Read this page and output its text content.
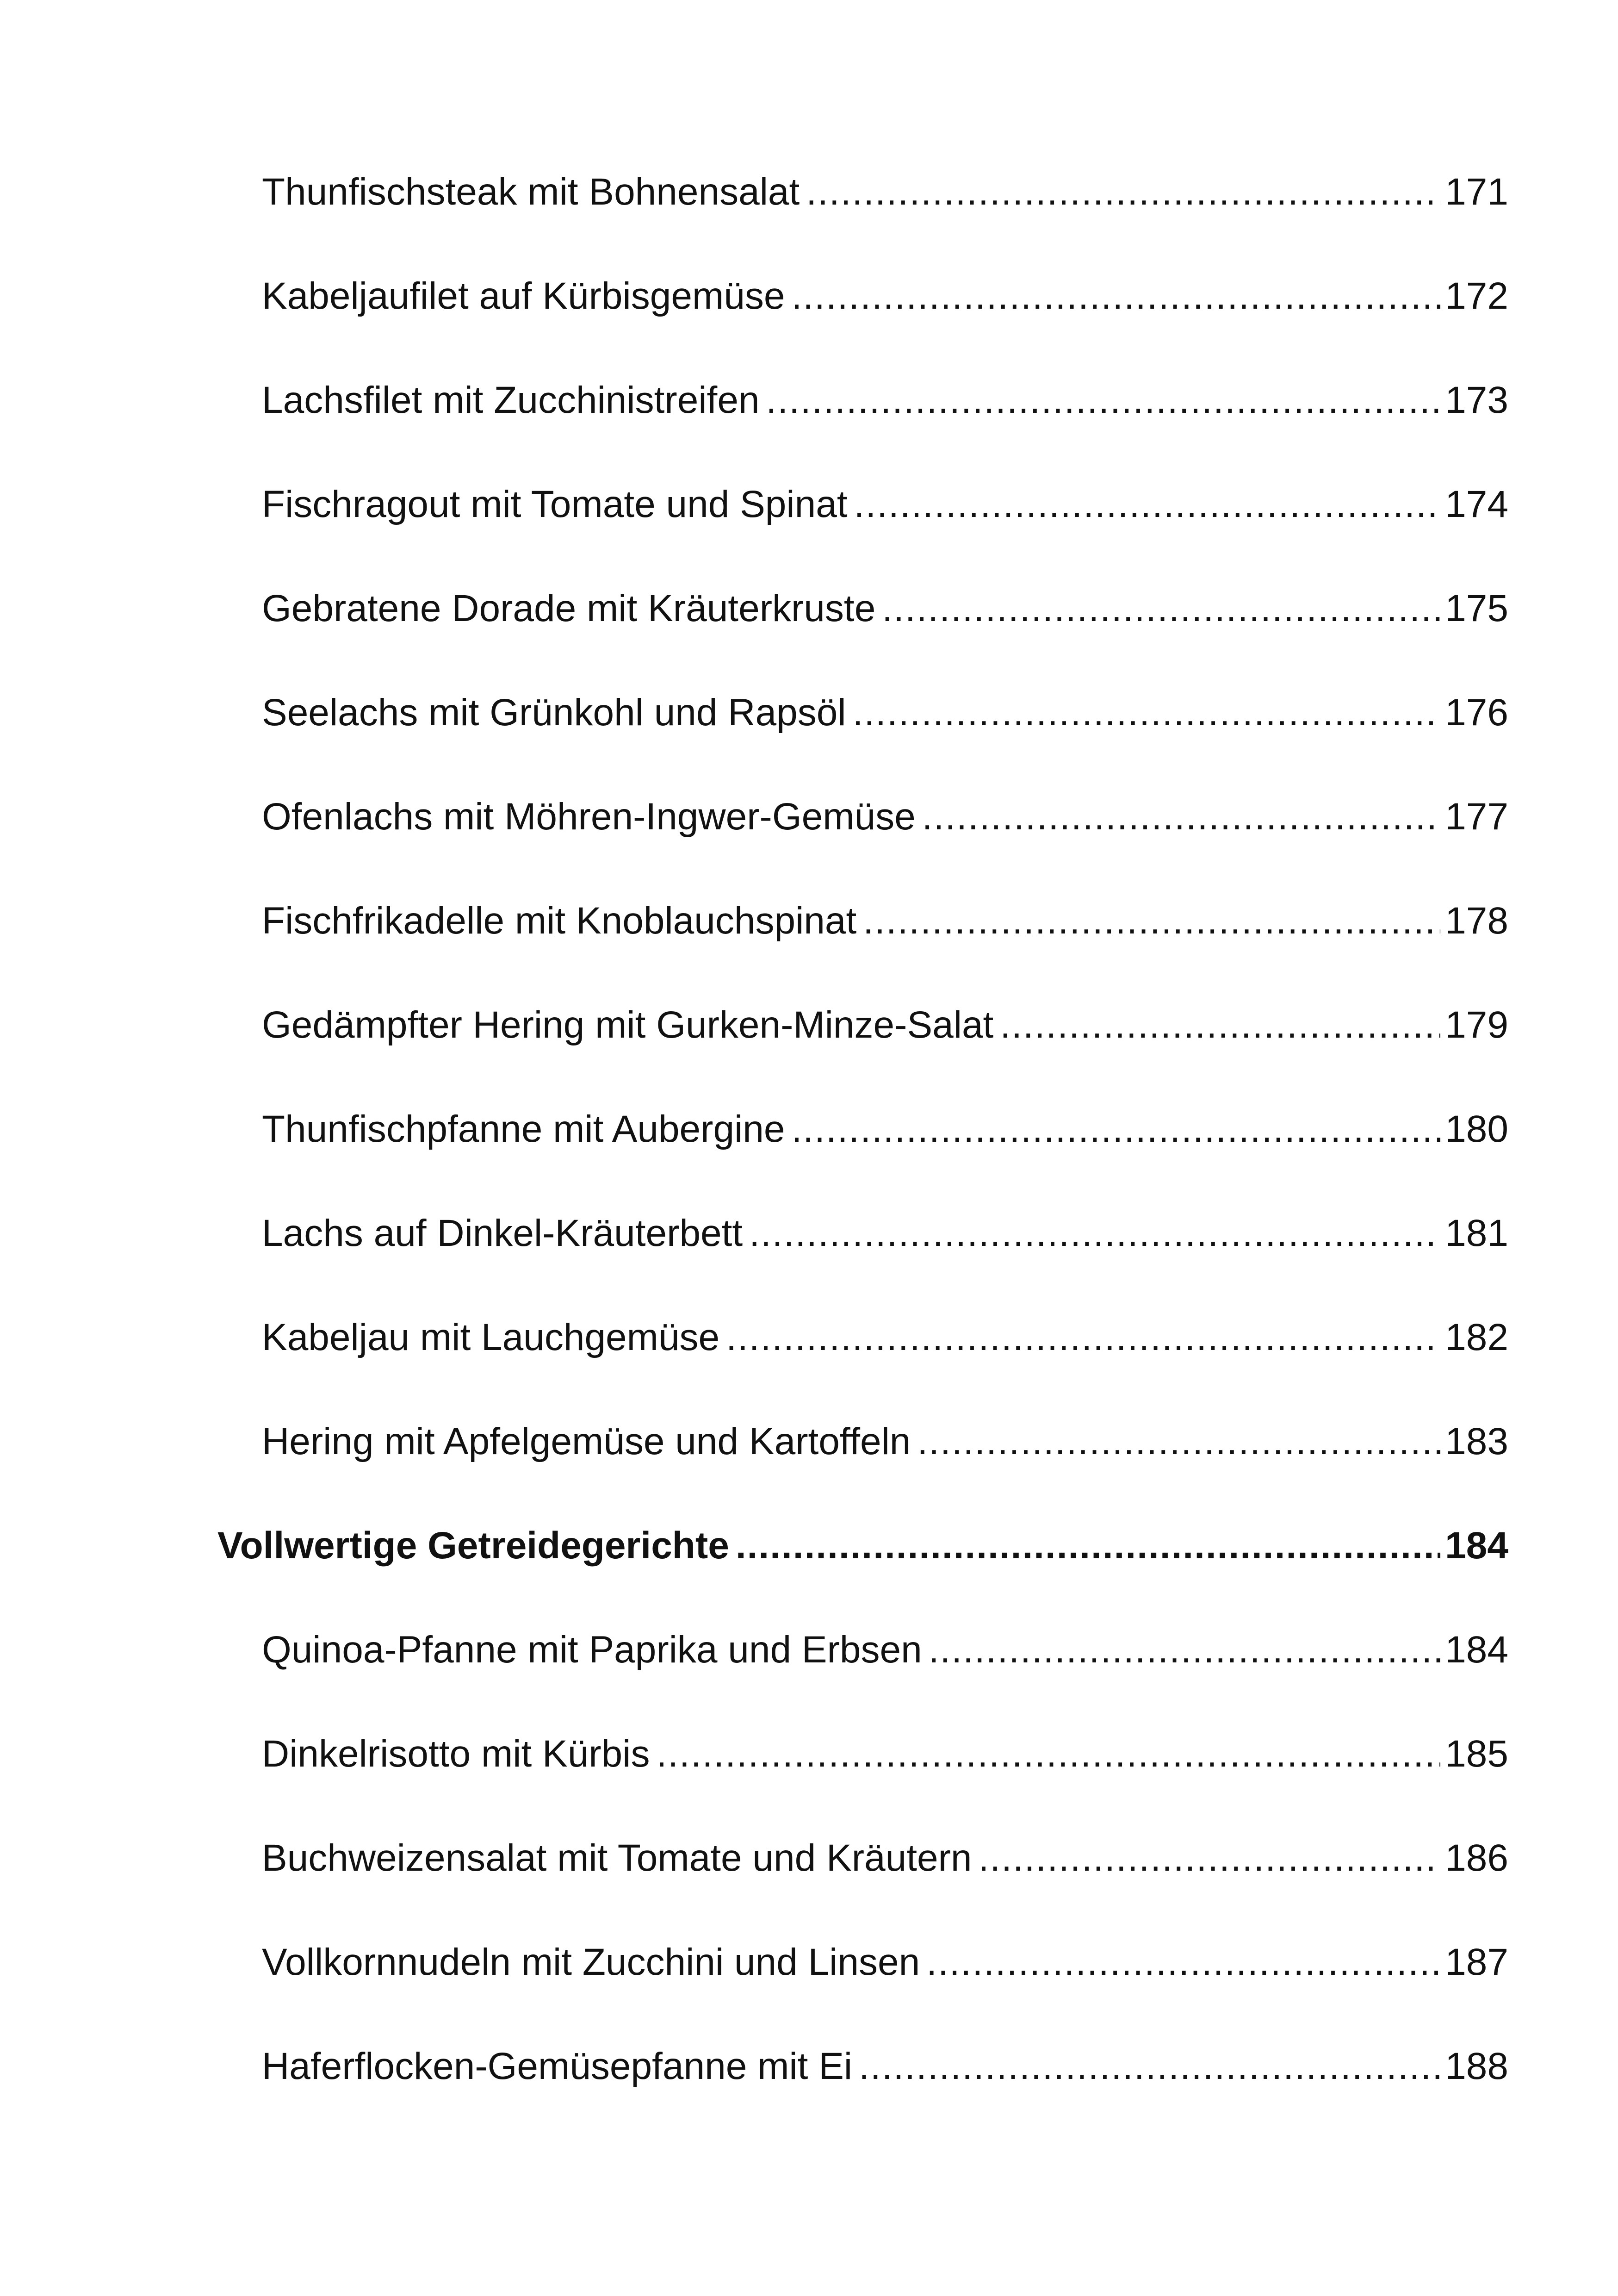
Thunfischsteak mit Bohnensalat .....	171
Kabeljaufilet auf Kürbisgemüse .....	172
Lachsfilet mit Zucchinistreifen .....	173
Fischragout mit Tomate und Spinat .....	174
Gebratene Dorade mit Kräuterkruste .....	175
Seelachs mit Grünkohl und Rapsöl .....	176
Ofenlachs mit Möhren-Ingwer-Gemüse .....	177
Fischfrikadelle mit Knoblauchspinat .....	178
Gedämpfter Hering mit Gurken-Minze-Salat .....	179
Thunfischpfanne mit Aubergine .....	180
Lachs auf Dinkel-Kräuterbett .....	181
Kabeljau mit Lauchgemüse .....	182
Hering mit Apfelgemüse und Kartoffeln .....	183
Vollwertige Getreidegerichte .....	184
Quinoa-Pfanne mit Paprika und Erbsen .....	184
Dinkelrisotto mit Kürbis .....	185
Buchweizensalat mit Tomate und Kräutern .....	186
Vollkornnudeln mit Zucchini und Linsen .....	187
Haferflocken-Gemüsepfanne mit Ei .....	188
